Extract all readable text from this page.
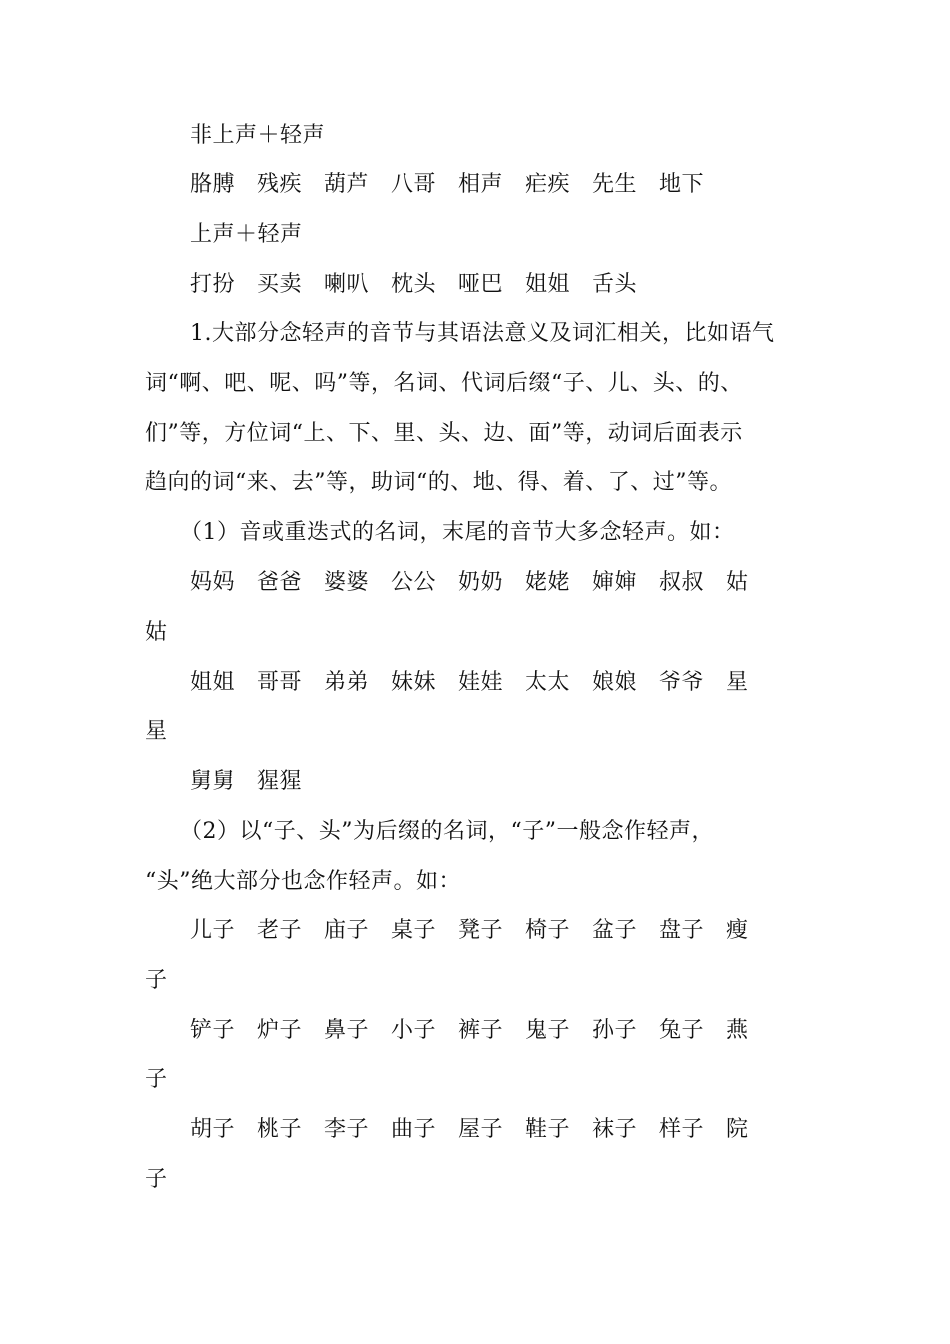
非上声＋轻声
胳膊 残疾 葫芦 八哥 相声 疟疾 先生 地下
上声＋轻声
打扮 买卖 喇叭 枕头 哑巴 姐姐 舌头
1.大部分念轻声的音节与其语法意义及词汇相关，比如语气
词“啊、吧、呢、吗”等，名词、代词后缀“子、儿、头、的、
们”等，方位词“上、下、里、头、边、面”等，动词后面表示
趋向的词“来、去”等，助词“的、地、得、着、了、过”等。
（1）音或重迭式的名词，末尾的音节大多念轻声。如：
妈妈 爸爸 婆婆 公公 奶奶 姥姥 婶婶 叔叔 姑
姑
姐姐 哥哥 弟弟 妹妹 娃娃 太太 娘娘 爷爷 星
星
舅舅 猩猩
（2）以“子、头”为后缀的名词，“子”一般念作轻声，
“头”绝大部分也念作轻声。如：
儿子 老子 庙子 桌子 凳子 椅子 盆子 盘子 瘦
子
铲子 炉子 鼻子 小子 裤子 鬼子 孙子 兔子 燕
子
胡子 桃子 李子 曲子 屋子 鞋子 袜子 样子 院
子
